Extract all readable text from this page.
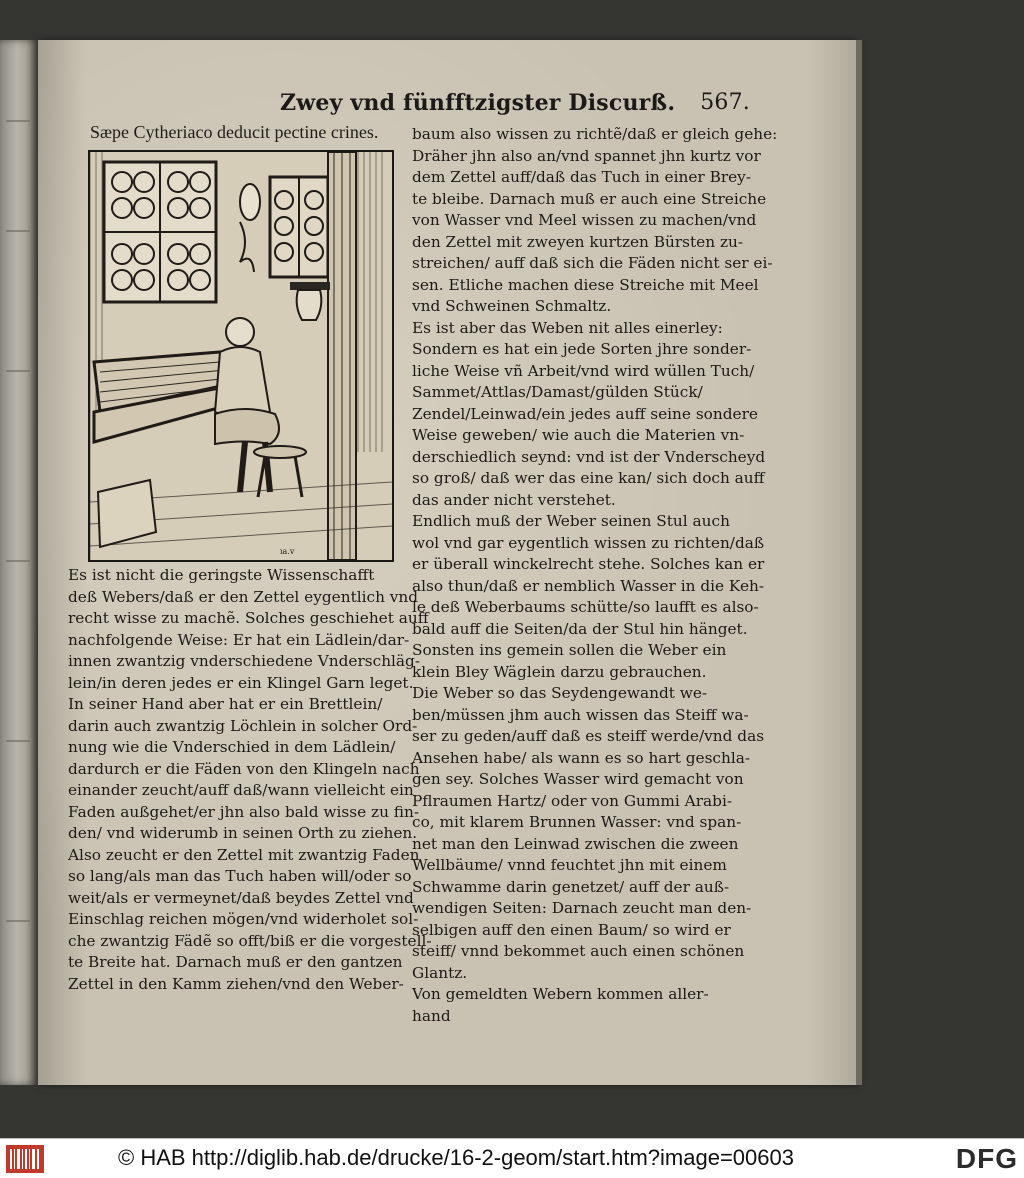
Zwey vnd fünfftzigster Discurß. 567.
Sæpe Cytheriaco deducit pectine crines.
ıa.v
baum also wissen zu richtẽ/daß er gleich gehe:
Dräher jhn also an/vnd spannet jhn kurtz vor
dem Zettel auff/daß das Tuch in einer Brey-
te bleibe. Darnach muß er auch eine Streiche
von Wasser vnd Meel wissen zu machen/vnd
den Zettel mit zweyen kurtzen Bürsten zu-
streichen/ auff daß sich die Fäden nicht ser ei-
sen. Etliche machen diese Streiche mit Meel
vnd Schweinen Schmaltz.
Es ist aber das Weben nit alles einerley:
Sondern es hat ein jede Sorten jhre sonder-
liche Weise vñ Arbeit/vnd wird wüllen Tuch/
Sammet/Attlas/Damast/gülden Stück/
Zendel/Leinwad/ein jedes auff seine sondere
Weise geweben/ wie auch die Materien vn-
derschiedlich seynd: vnd ist der Vnderscheyd
so groß/ daß wer das eine kan/ sich doch auff
das ander nicht verstehet.
Endlich muß der Weber seinen Stul auch
wol vnd gar eygentlich wissen zu richten/daß
er überall winckelrecht stehe. Solches kan er
also thun/daß er nemblich Wasser in die Keh-
le deß Weberbaums schütte/so laufft es also-
bald auff die Seiten/da der Stul hin hänget.
Sonsten ins gemein sollen die Weber ein
klein Bley Wäglein darzu gebrauchen.
Die Weber so das Seydengewandt we-
ben/müssen jhm auch wissen das Steiff wa-
ser zu geden/auff daß es steiff werde/vnd das
Ansehen habe/ als wann es so hart geschla-
gen sey. Solches Wasser wird gemacht von
Pflraumen Hartz/ oder von Gummi Arabi-
co, mit klarem Brunnen Wasser: vnd span-
net man den Leinwad zwischen die zween
Wellbäume/ vnnd feuchtet jhn mit einem
Schwamme darin genetzet/ auff der auß-
wendigen Seiten: Darnach zeucht man den-
selbigen auff den einen Baum/ so wird er
steiff/ vnnd bekommet auch einen schönen
Glantz.
Von gemeldten Webern kommen aller-
hand
Es ist nicht die geringste Wissenschafft
deß Webers/daß er den Zettel eygentlich vnd
recht wisse zu machẽ. Solches geschiehet auff
nachfolgende Weise: Er hat ein Lädlein/dar-
innen zwantzig vnderschiedene Vnderschläg-
lein/in deren jedes er ein Klingel Garn leget.
In seiner Hand aber hat er ein Brettlein/
darin auch zwantzig Löchlein in solcher Ord-
nung wie die Vnderschied in dem Lädlein/
dardurch er die Fäden von den Klingeln nach
einander zeucht/auff daß/wann vielleicht ein
Faden außgehet/er jhn also bald wisse zu fin-
den/ vnd widerumb in seinen Orth zu ziehen.
Also zeucht er den Zettel mit zwantzig Faden
so lang/als man das Tuch haben will/oder so
weit/als er vermeynet/daß beydes Zettel vnd
Einschlag reichen mögen/vnd widerholet sol-
che zwantzig Fädẽ so offt/biß er die vorgestell-
te Breite hat. Darnach muß er den gantzen
Zettel in den Kamm ziehen/vnd den Weber-
© HAB http://diglib.hab.de/drucke/16-2-geom/start.htm?image=00603	DFG
